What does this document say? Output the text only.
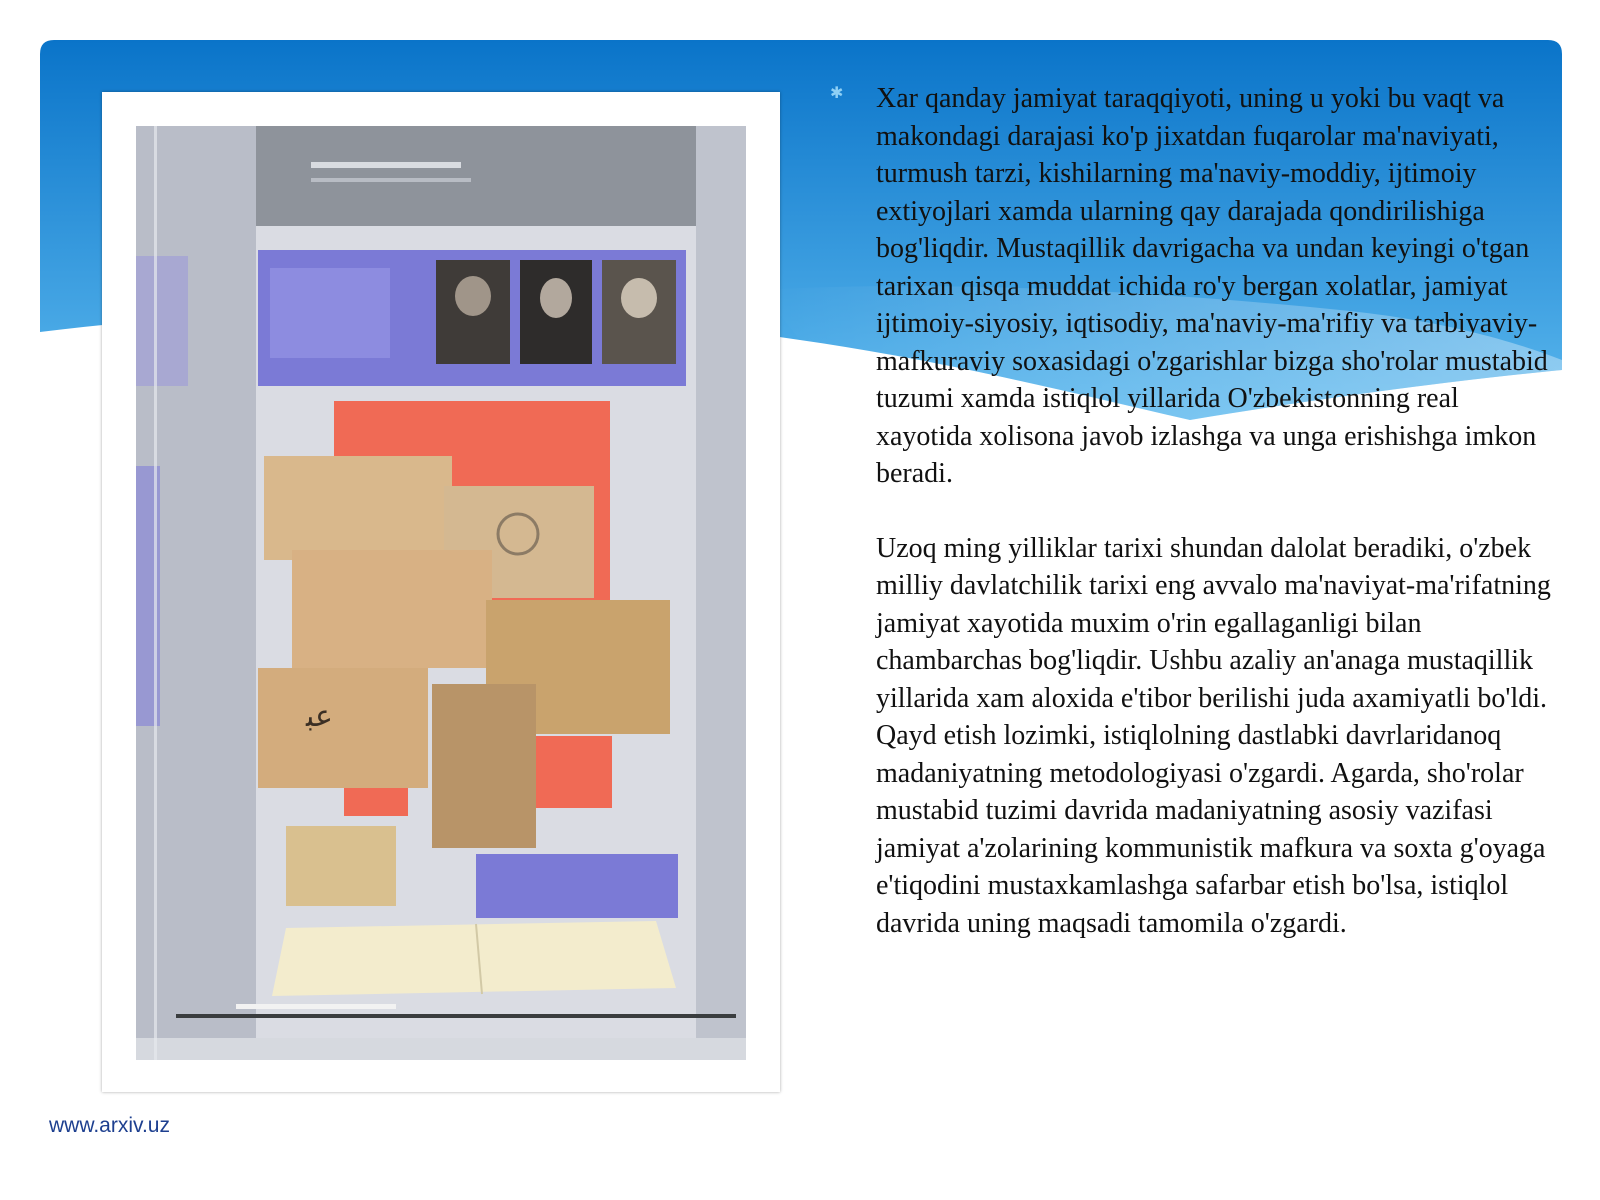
ﻋﺒ
✱ Xar qanday jamiyat taraqqiyoti, uning u yoki bu vaqt va makondagi darajasi ko'p jixatdan fuqarolar ma'naviyati, turmush tarzi, kishilarning ma'naviy-moddiy, ijtimoiy extiyojlari xamda ularning qay darajada qondirilishiga bog'liqdir. Mustaqillik davrigacha va undan keyingi o'tgan tarixan qisqa muddat ichida ro'y bergan xolatlar, jamiyat ijtimoiy-siyosiy, iqtisodiy, ma'naviy-ma'rifiy va tarbiyaviy-mafkuraviy soxasidagi o'zgarishlar bizga sho'rolar mustabid tuzumi xamda istiqlol yillarida O'zbekistonning real xayotida xolisona javob izlashga va unga erishishga imkon beradi.

Uzoq ming yilliklar tarixi shundan dalolat beradiki, o'zbek milliy davlatchilik tarixi eng avvalo ma'naviyat-ma'rifatning jamiyat xayotida muxim o'rin egallaganligi bilan chambarchas bog'liqdir. Ushbu azaliy an'anaga mustaqillik yillarida xam aloxida e'tibor berilishi juda axamiyatli bo'ldi. Qayd etish lozimki, istiqlolning dastlabki davrlaridanoq madaniyatning metodologiyasi o'zgardi. Agarda, sho'rolar mustabid tuzimi davrida madaniyatning asosiy vazifasi jamiyat a'zolarining kommunistik mafkura va soxta g'oyaga e'tiqodini mustaxkamlashga safarbar etish bo'lsa, istiqlol davrida uning maqsadi tamomila o'zgardi.

www.arxiv.uz
